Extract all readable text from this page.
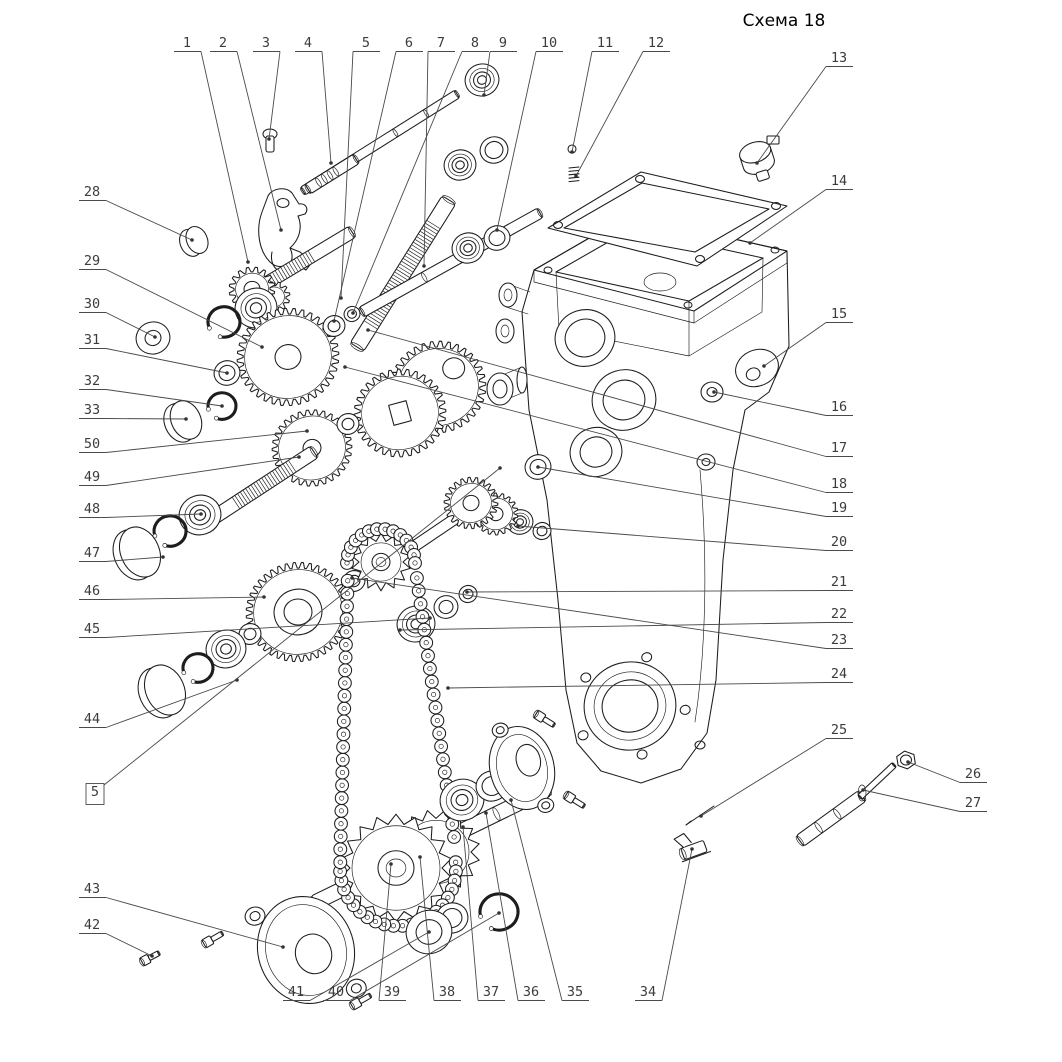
Схема 18
1 2	3	4	5	6 7 8 9	10	11	12
13
14
15
16
17
18
19
20
21
22
23
24
25
26
27
28
29
30
31
32
33
50
49
48
47
46
45
44
5
43
42
41 40	39	38 37 36 35	34
